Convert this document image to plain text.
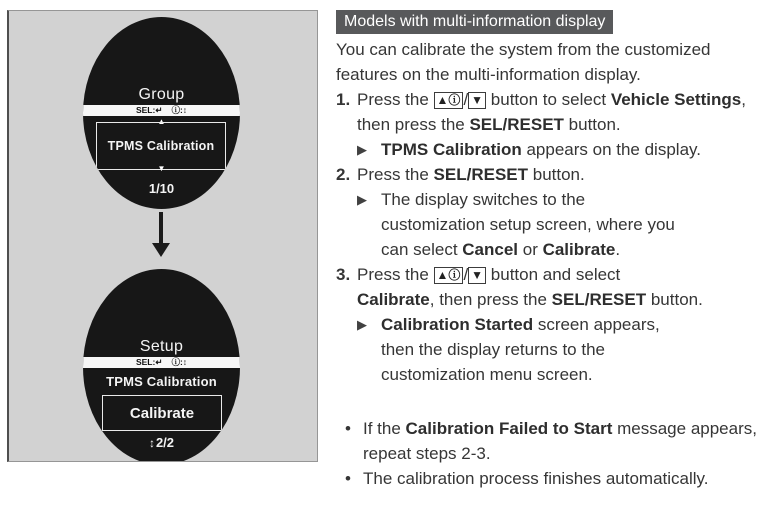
Group
SEL:↵ ⓘ:↕
▲
TPMS Calibration
▼
1/10
Setup
SEL:↵ ⓘ:↕
TPMS Calibration
Calibrate
↕2/2
Models with multi-information display

You can calibrate the system from the customized features on the multi-information display.

1. Press the ▲ⓘ / ▼ button to select Vehicle Settings, then press the SEL/RESET button.
▶ TPMS Calibration appears on the display.
2. Press the SEL/RESET button.
▶ The display switches to the
customization setup screen, where you
can select Cancel or Calibrate.
3. Press the ▲ⓘ / ▼ button and select
Calibrate, then press the SEL/RESET button.
▶ Calibration Started screen appears,
then the display returns to the
customization menu screen.
• If the Calibration Failed to Start message appears, repeat steps 2-3.
• The calibration process finishes automatically.
